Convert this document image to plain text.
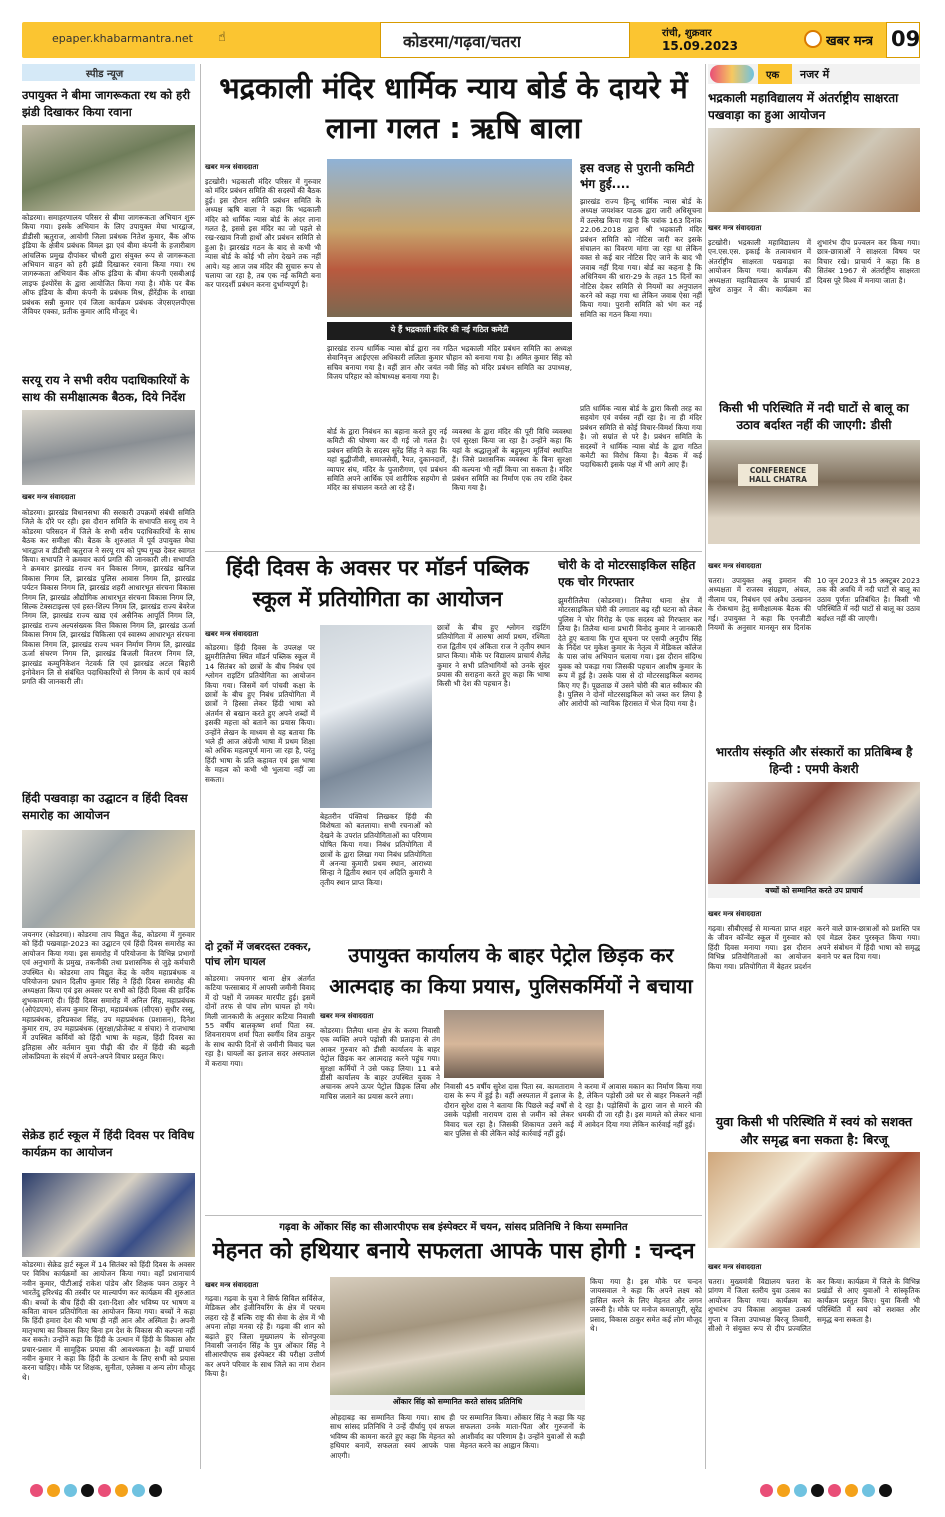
epaper.khabarmantra.net ☝	कोडरमा/गढ़वा/चतरा	रांची, शुक्रवार
15.09.2023	खबर मन्त्र 09
स्पीड न्यूज
उपायुक्त ने बीमा जागरूकता रथ को हरी झंडी दिखाकर किया रवाना
कोडरमा। समाहरणालय परिसर से बीमा जागरूकता अभियान शुरू किया गया। इसके अभियान के लिए उपायुक्त मेघा भारद्वाज, डीडीसी ऋतुराज, आयोगी जिला प्रबंधक नितेश कुमार, बैंक ऑफ इंडिया के क्षेत्रीय प्रबंधक विमल झा एवं बीमा कंपनी के हजारीबाग आंचलिक प्रमुख दीपांकर चौधरी द्वारा संयुक्त रूप से जागरूकता अभियान वाहन को हरी झंडी दिखाकर रवाना किया गया। रथ जागरूकता अभियान बैंक ऑफ इंडिया के बीमा कंपनी एसबीआई लाइफ इंश्योरेंस के द्वारा आयोजित किया गया है। मौके पर बैंक ऑफ इंडिया के बीमा कंपनी के प्रबंधक मिश्र, हीरेंद्रीक के शाखा प्रबंधक सन्नी कुमार एवं जिला कार्यक्रम प्रबंधक जेएसएलपीएस जैवियर एक्का, प्रतीक कुमार आदि मौजूद थे।
सरयू राय ने सभी वरीय पदाधिकारियों के साथ की समीक्षात्मक बैठक, दिये निर्देश
खबर मन्त्र संवाददाता
कोडरमा। झारखंड विधानसभा की सरकारी उपक्रमों संबंधी समिति जिले के दौरे पर रही। इस दौरान समिति के सभापति सरयू राय ने कोडरमा परिसदन में जिले के सभी वरीय पदाधिकारियों के साथ बैठक कर समीक्षा की। बैठक के शुरुआत में पूर्व उपायुक्त मेघा भारद्वाज व डीडीसी ऋतुराज ने सरयू राय को पुष्प गुच्छ देकर स्वागत किया। सभापति ने क्रमवार कार्य प्रगति की जानकारी ली। सभापति ने क्रमवार झारखंड राज्य वन विकास निगम, झारखंड खनिज विकास निगम लि, झारखंड पुलिस आवास निगम लि, झारखंड पर्यटन विकास निगम लि, झारखंड शहरी आधारभूत संरचना विकास निगम लि, झारखंड औद्योगिक आधारभूत संरचना विकास निगम लि, सिल्क टेक्सटाइल्स एवं हस्त-शिल्प निगम लि, झारखंड राज्य बेवरेज निगम लि, झारखंड राज्य खाद्य एवं असैनिक आपूर्ति निगम लि, झारखंड राज्य अल्पसंख्यक वित्त विकास निगम लि, झारखंड ऊर्जा विकास निगम लि, झारखंड चिकित्सा एवं स्वास्थ्य आधारभूत संरचना विकास निगम लि, झारखंड राज्य भवन निर्माण निगम लि, झारखंड ऊर्जा संचरण निगम लि, झारखंड बिजली वितरण निगम लि, झारखंड कम्युनिकेशन नेटवर्क लि एवं झारखंड अटल बिहारी इनोवेशन लि से संबंधित पदाधिकारियों से निगम के कार्य एवं कार्य प्रगति की जानकारी ली।
हिंदी पखवाड़ा का उद्घाटन व हिंदी दिवस समारोह का आयोजन
जयनगर (कोडरमा)। कोडरमा ताप विद्युत केंद्र, कोडरमा में गुरुवार को हिंदी पखवाड़ा-2023 का उद्घाटन एवं हिंदी दिवस समारोह का आयोजन किया गया। इस समारोह में परियोजना के विभिन्न प्रभागों एवं अनुभागों के प्रमुख, तकनीकी तथा प्रशासनिक से जुड़े कर्मचारी उपस्थित थे। कोडरमा ताप विद्युत केंद्र के वरीय महाप्रबंधक व परियोजना प्रधान दिलीप कुमार सिंह ने हिंदी दिवस समारोह की अध्यक्षता किया एवं इस अवसर पर सभी को हिंदी दिवस की हार्दिक शुभकामनाएं दी। हिंदी दिवस समारोह में अनिल सिंह, महाप्रबंधक (ओएंडएम), संजय कुमार सिन्हा, महाप्रबंधक (सीएस) सुधीर रस्सू, महाप्रबंधक, हरिप्रकाश सिंह, उप महाप्रबंधक (प्रशासन), दिनेश कुमार राय, उप महाप्रबंधक (सुरक्षा/प्रोजेक्ट व संचार) ने राजभाषा में उपस्थित कर्मियों को हिंदी भाषा के महत्व, हिंदी दिवस का इतिहास और वर्तमान युवा पीढ़ी की दौर में हिंदी की बढ़ती लोकप्रियता के संदर्भ में अपने-अपने विचार प्रस्तुत किए।
सेक्रेड हार्ट स्कूल में हिंदी दिवस पर विविध कार्यक्रम का आयोजन
कोडरमा। सेक्रेड हार्ट स्कूल में 14 सितंबर को हिंदी दिवस के अवसर पर विविध कार्यक्रमों का आयोजन किया गया। वहाँ प्रधानाचार्य नवीन कुमार, पीटीआई राकेश पांडेय और शिक्षक पवन ठाकुर ने भारतेंदु हरिश्चंद्र की तस्वीर पर माल्यार्पण कर कार्यक्रम की शुरुआत की। बच्चों के बीच हिंदी की दशा-दिशा और भविष्य पर भाषण व कविता वाचन प्रतियोगिता का आयोजन किया गया। बच्चों ने कहा कि हिंदी हमारा देश की भाषा ही नहीं आन और अस्मिता है। अपनी मातृभाषा का विकास किए बिना हम देश के विकास की कल्पना नहीं कर सकते। उन्होंने कहा कि हिंदी के उत्थान में हिंदी के विकास और प्रचार-प्रसार में सामूहिक प्रयास की आवश्यकता है। वहीं प्राचार्य नवीन कुमार ने कहा कि हिंदी के उत्थान के लिए सभी को प्रयास करना चाहिए। मौके पर शिक्षक, सुनीता, एलेक्स व अन्य लोग मौजूद थे।
भद्रकाली मंदिर धार्मिक न्याय बोर्ड के दायरे में लाना गलत : ऋषि बाला
खबर मन्त्र संवाददाता
इटखोरी। भद्रकाली मंदिर परिसर में गुरुवार को मंदिर प्रबंधन समिति की सदस्यों की बैठक हुई। इस दौरान समिति प्रबंधन समिति के अध्यक्ष ऋषि बाला ने कहा कि भद्रकाली मंदिर को धार्मिक न्यास बोर्ड के अंदर लाना गलत है, इससे इस मंदिर का जो पहले से रख-रखाव निजी हाथों और प्रबंधन समिति से हुआ है। झारखंड गठन के बाद से कभी भी न्यास बोर्ड के कोई भी लोग देखने तक नहीं आये। यह आज जब मंदिर की सुचारु रूप से चलाया जा रहा है, तब एक नई कमिटी बना कर पारदर्शी प्रबंधन करना दुर्भाग्यपूर्ण है।
ये हैं भद्रकाली मंदिर की नई गठित कमेटी
झारखंड राज्य धार्मिक न्यास बोर्ड द्वारा नव गठित भद्रकाली मंदिर प्रबंधन समिति का अध्यक्ष सेवानिवृत्त आईएएस अधिकारी ललिता कुमार चौहान को बनाया गया है। अमित कुमार सिंह को सचिव बनाया गया है। वहीं ज्ञान और जयंत नवी सिंह को मंदिर प्रबंधन समिति का उपाध्यक्ष, विजय परिहार को कोषाध्यक्ष बनाया गया है।
बोर्ड के द्वारा निबंधन का बहाना करते हुए नई कमिटी की घोषणा कर दी गई जो गलत है। प्रबंधन समिति के सदस्य सुरेंद्र सिंह ने कहा कि यहां बुद्धीजीवी, समाजसेवी, रैयत, दुकानदारों, व्यापार संघ, मंदिर के पुजारीगण, एवं प्रबंधन समिति अपने आर्थिक एवं शारीरिक सहयोग से मंदिर का संचालन करते आ रहे हैं।
व्यवस्था के द्वारा मंदिर की पूरी विधि व्यवस्था एवं सुरक्षा किया जा रहा है। उन्होंने कहा कि यहां के श्रद्धालुओं के बहुमूल्य मूर्तियां स्थापित हैं। जिसे प्रशासनिक व्यवस्था के बिना सुरक्षा की कल्पना भी नहीं किया जा सकता है। मंदिर प्रबंधन समिति का निर्माण एक तय राशि देकर किया गया है।
इस वजह से पुरानी कमिटी भंग हुई....
झारखंड राज्य हिन्दू धार्मिक न्यास बोर्ड के अध्यक्ष जयशंकर पाठक द्वारा जारी अधिसूचना में उल्लेख किया गया है कि पत्रांक 163 दिनांक 22.06.2018 द्वारा श्री भद्रकाली मंदिर प्रबंधन समिति को नोटिस जारी कर इसके संचालन का विवरण मांगा जा रहा था लेकिन वक्त से कई बार नोटिस दिए जाने के बाद भी जवाब नहीं दिया गया। बोर्ड का कहना है कि अधिनियम की धारा-29 के तहत 15 दिनों का नोटिस देकर समिति से नियमों का अनुपालन करने को कहा गया था लेकिन जवाब ऐसा नहीं किया गया। पुरानी समिति को भंग कर नई समिति का गठन किया गया।
प्रति धार्मिक न्यास बोर्ड के द्वारा किसी तरह का सहयोग एवं वर्चस्व नहीं रहा है। ना ही मंदिर प्रबंधन समिति से कोई विचार-विमर्श किया गया है। जो सम्रांत से परे है। प्रबंधन समिति के सदस्यों ने धार्मिक न्यास बोर्ड के द्वारा गठित कमेटी का विरोध किया है। बैठक में कई पदाधिकारी इसके पक्ष में भी आगे आए हैं।
हिंदी दिवस के अवसर पर मॉडर्न पब्लिक स्कूल में प्रतियोगिता का आयोजन
खबर मन्त्र संवाददाता
कोडरमा। हिंदी दिवस के उपलक्ष पर झुमरीतिलैया स्थित मॉडर्न पब्लिक स्कूल में 14 सितंबर को छात्रों के बीच निबंध एवं श्लोगन राइटिंग प्रतियोगिता का आयोजन किया गया। जिसमें वर्ग पांचवी कक्षा के छात्रों के बीच हुए निबंध प्रतियोगिता में छात्रों ने हिस्सा लेकर हिंदी भाषा को अंतर्मन से बखान करते हुए अपने शब्दों में इसकी महत्ता को बताने का प्रयास किया। उन्होंने लेखन के माध्यम से यह बताया कि भले ही आज अंग्रेजी भाषा में प्रथम शिक्षा को अधिक महत्वपूर्ण माना जा रहा है, परंतु हिंदी भाषा के प्रति कहावत एवं इस भाषा के महत्व को कभी भी भुलाया नहीं जा सकता।
बेहतरीन पंक्तियां लिखकर हिंदी की विशेषता को बतलाया। सभी रचनाओं को देखने के उपरांत प्रतियोगिताओं का परिणाम घोषित किया गया। निबंध प्रतियोगिता में छात्रों के द्वारा लिखा गया निबंध प्रतियोगिता में अनन्या कुमारी प्रथम स्थान, आराध्या सिन्हा ने द्वितीय स्थान एवं अदिति कुमारी ने तृतीय स्थान प्राप्त किया।
छात्रों के बीच हुए श्लोगन राइटिंग प्रतियोगिता में आरुषा आर्या प्रथम, रश्मिता राज द्वितीय एवं अंकिता राज ने तृतीय स्थान प्राप्त किया। मौके पर विद्यालय प्राचार्य शैलेंद्र कुमार ने सभी प्रतिभागियों को उनके सुंदर प्रयास की सराहना करते हुए कहा कि भाषा किसी भी देश की पहचान है।
चोरी के दो मोटरसाइकिल सहित एक चोर गिरफ्तार
झुमरीतिलैया (कोडरमा)। तिलैया थाना क्षेत्र में मोटरसाइकिल चोरी की लगातार बढ़ रही घटना को लेकर पुलिस ने चोर गिरोह के एक सदस्य को गिरफ्तार कर लिया है। तिलैया थाना प्रभारी विनोद कुमार ने जानकारी देते हुए बताया कि गुप्त सूचना पर एसपी अनुदीप सिंह के निर्देश पर मुकेश कुमार के नेतृत्व में मेडिकल कॉलेज के पास जांच अभियान चलाया गया। इस दौरान संदिग्ध युवक को पकड़ा गया जिसकी पहचान आशीष कुमार के रूप में हुई है। उसके पास से दो मोटरसाइकिल बरामद किए गए हैं। पूछताछ में उसने चोरी की बात स्वीकार की है। पुलिस ने दोनों मोटरसाइकिल को जब्त कर लिया है और आरोपी को न्यायिक हिरासत में भेज दिया गया है।
दो ट्रकों में जबरदस्त टक्कर, पांच लोग घायल
कोडरमा। जयनगर थाना क्षेत्र अंतर्गत कटिया फरसाबाद में आपसी जमीनी विवाद में दो पक्षों में जमकर मारपीट हुई। इसमें दोनों तरफ से पांच लोग घायल हो गये। मिली जानकारी के अनुसार कटिया निवासी 55 वर्षीय बालकृष्ण शर्मा पिता स्व. शिवनारायण शर्मा पिता स्वर्गीय शिव ठाकुर के साथ काफी दिनों से जमीनी विवाद चल रहा है। घायलों का इलाज सदर अस्पताल में कराया गया।
उपायुक्त कार्यालय के बाहर पेट्रोल छिड़क कर आत्मदाह का किया प्रयास, पुलिसकर्मियों ने बचाया
खबर मन्त्र संवाददाता
कोडरमा। तिलैया थाना क्षेत्र के करमा निवासी एक व्यक्ति अपने पड़ोसी की प्रताड़ना से तंग आकर गुरुवार को डीसी कार्यालय के बाहर पेट्रोल छिड़क कर आत्मदाह करने पहुंच गया। सुरक्षा कर्मियों ने उसे पकड़ लिया। 11 बजे डीसी कार्यालय के बाहर उपस्थित युवक ने अचानक अपने ऊपर पेट्रोल छिड़क लिया और माचिस जलाने का प्रयास करने लगा।
निवासी 45 वर्षीय सुरेश दास पिता स्व. कामताराम दास के रूप में हुई है। वहीं अस्पताल में इलाज के दौरान सुरेश दास ने बताया कि पिछले कई वर्षों से उसके पड़ोसी नारायण दास से जमीन को लेकर विवाद चल रहा है। जिसकी शिकायत उसने कई बार पुलिस से की लेकिन कोई कार्रवाई नहीं हुई।
ने करमा में आवास मकान का निर्माण किया गया है, लेकिन पड़ोसी उसे घर से बाहर निकलने नहीं दे रहा है। पड़ोसियों के द्वारा जान से मारने की धमकी दी जा रही है। इस मामले को लेकर थाना में आवेदन दिया गया लेकिन कार्रवाई नहीं हुई।
गढ़वा के ओंकार सिंह का सीआरपीएफ सब इंस्पेक्टर में चयन, सांसद प्रतिनिधि ने किया सम्मानित
मेहनत को हथियार बनाये सफलता आपके पास होगी : चन्दन
खबर मन्त्र संवाददाता
गढ़वा। गढ़वा के युवा ने सिर्फ सिविल सर्विसेज, मेडिकल और इंजीनियरिंग के क्षेत्र में परचम लहरा रहे हैं बल्कि राष्ट्र की सेवा के क्षेत्र में भी अपना लोहा मनवा रहे हैं। गढ़वा की शान को बढ़ाते हुए जिला मुख्यालय के सोनपुरवा निवासी जनार्दन सिंह के पुत्र ओंकार सिंह ने सीआरपीएफ सब इंस्पेक्टर की परीक्षा उत्तीर्ण कर अपने परिवार के साथ जिले का नाम रोशन किया है।
ओंकार सिंह को सम्मानित करते सांसद प्रतिनिधि
ओहदाबड़ का सम्मानित किया गया। साथ ही साथ सांसद प्रतिनिधि ने उन्हें दीर्घायु एवं सफल भविष्य की कामना करते हुए कहा कि मेहनत को हथियार बनायें, सफलता स्वयं आपके पास आएगी।
पर सम्मानित किया। ओंकार सिंह ने कहा कि यह सफलता उनके माता-पिता और गुरुजनों के आशीर्वाद का परिणाम है। उन्होंने युवाओं से कड़ी मेहनत करने का आह्वान किया।
किया गया है। इस मौके पर चन्दन जायसवाल ने कहा कि अपने लक्ष्य को हासिल करने के लिए मेहनत और लगन जरूरी है। मौके पर मनोज कमलापुरी, सुरेंद्र प्रसाद, विकास ठाकुर समेत कई लोग मौजूद थे।
एक नजर में
भद्रकाली महाविद्यालय में अंतर्राष्ट्रीय साक्षरता पखवाड़ा का हुआ आयोजन
खबर मन्त्र संवाददाता
इटखोरी। भद्रकाली महाविद्यालय में एन.एस.एस. इकाई के तत्वावधान में अंतर्राष्ट्रीय साक्षरता पखवाड़ा का आयोजन किया गया। कार्यक्रम की अध्यक्षता महाविद्यालय के प्राचार्य डॉ सुरेश ठाकुर ने की। कार्यक्रम का शुभारंभ दीप प्रज्वलन कर किया गया। छात्र-छात्राओं ने साक्षरता विषय पर विचार रखे। प्राचार्य ने कहा कि 8 सितंबर 1967 से अंतर्राष्ट्रीय साक्षरता दिवस पूरे विश्व में मनाया जाता है।
किसी भी परिस्थिति में नदी घाटों से बालू का उठाव बर्दाश्त नहीं की जाएगी: डीसी
CONFERENCE HALL CHATRA
खबर मन्त्र संवाददाता
चतरा। उपायुक्त अबु इमरान की अध्यक्षता में राजस्व संग्रहण, अंचल, नीलाम पत्र, निबंधन एवं अवैध उत्खनन के रोकथाम हेतु समीक्षात्मक बैठक की गई। उपायुक्त ने कहा कि एनजीटी नियमों के अनुसार मानसून सत्र दिनांक 10 जून 2023 से 15 अक्टूबर 2023 तक की अवधि में नदी घाटों से बालू का उठाव पूर्णतः प्रतिबंधित है। किसी भी परिस्थिति में नदी घाटों से बालू का उठाव बर्दाश्त नहीं की जाएगी।
भारतीय संस्कृति और संस्कारों का प्रतिबिम्ब है हिन्दी : एमपी केशरी
बच्चों को सम्मानित करते उप प्राचार्य
खबर मन्त्र संवाददाता
गढ़वा। सीबीएसई से मान्यता प्राप्त शहर के जीवन कॉन्वेंट स्कूल में गुरुवार को हिंदी दिवस मनाया गया। इस दौरान विभिन्न प्रतियोगिताओं का आयोजन किया गया। प्रतियोगिता में बेहतर प्रदर्शन करने वाले छात्र-छात्राओं को प्रशस्ति पत्र एवं मेडल देकर पुरस्कृत किया गया। अपने संबोधन में हिंदी भाषा को समृद्ध बनाने पर बल दिया गया।
युवा किसी भी परिस्थिति में स्वयं को सशक्त और समृद्ध बना सकता है: बिरजू
खबर मन्त्र संवाददाता
चतरा। मुख्यमंत्री विद्यालय चतरा के प्रांगण में जिला स्तरीय युवा उत्सव का आयोजन किया गया। कार्यक्रम का शुभारंभ उप विकास आयुक्त उत्कर्ष गुप्ता व जिला उपाध्यक्ष बिरजू तिवारी, सीओ ने संयुक्त रूप से दीप प्रज्वलित कर किया। कार्यक्रम में जिले के विभिन्न प्रखंडों से आए युवाओं ने सांस्कृतिक कार्यक्रम प्रस्तुत किए। युवा किसी भी परिस्थिति में स्वयं को सशक्त और समृद्ध बना सकता है।
